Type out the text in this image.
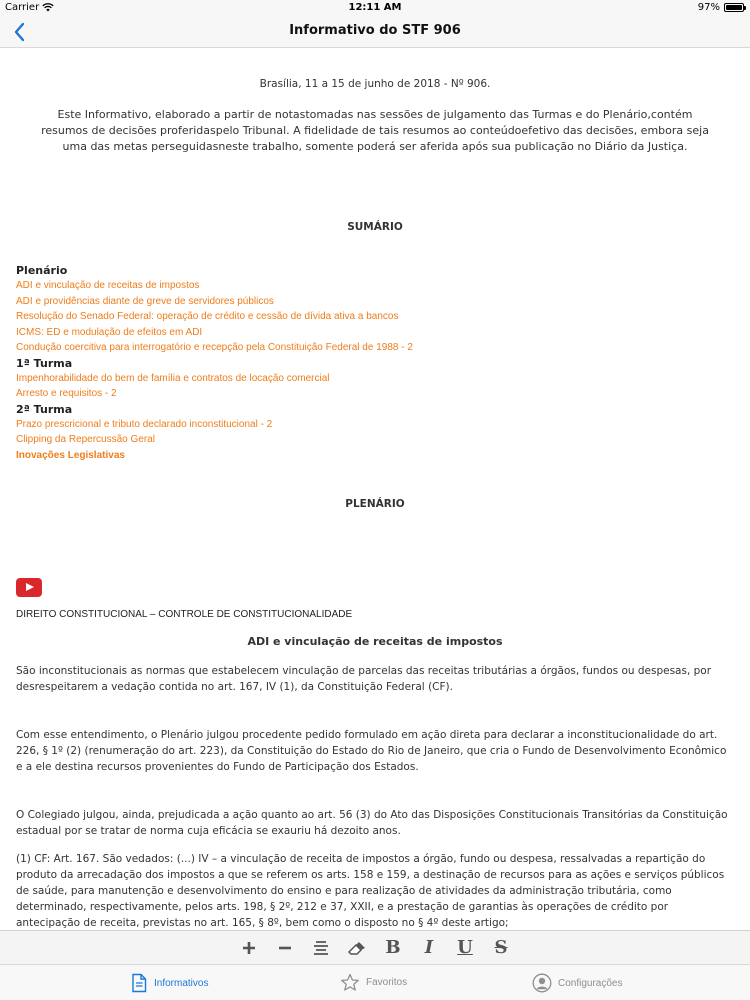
Carrier	12:11 AM	97%
Informativo do STF 906
Brasília, 11 a 15 de junho de 2018 - Nº 906.

Este Informativo, elaborado a partir de notastomadas nas sessões de julgamento das Turmas e do Plenário,contém resumos de decisões proferidaspelo Tribunal. A fidelidade de tais resumos ao conteúdoefetivo das decisões, embora seja uma das metas perseguidasneste trabalho, somente poderá ser aferida após sua publicação no Diário da Justiça.

SUMÁRIO
Plenário
ADI e vinculação de receitas de impostos
ADI e providências diante de greve de servidores públicos
Resolução do Senado Federal: operação de crédito e cessão de dívida ativa a bancos
ICMS: ED e modulação de efeitos em ADI
Condução coercitiva para interrogatório e recepção pela Constituição Federal de 1988 - 2
1ª Turma
Impenhorabilidade do bem de família e contratos de locação comercial
Arresto e requisitos - 2
2ª Turma
Prazo prescricional e tributo declarado inconstitucional - 2
Clipping da Repercussão Geral
Inovações Legislativas
PLENÁRIO
DIREITO CONSTITUCIONAL – CONTROLE DE CONSTITUCIONALIDADE
ADI e vinculação de receitas de impostos

São inconstitucionais as normas que estabelecem vinculação de parcelas das receitas tributárias a órgãos, fundos ou despesas, por desrespeitarem a vedação contida no art. 167, IV (1), da Constituição Federal (CF).

Com esse entendimento, o Plenário julgou procedente pedido formulado em ação direta para declarar a inconstitucionalidade do art. 226, § 1º (2) (renumeração do art. 223), da Constituição do Estado do Rio de Janeiro, que cria o Fundo de Desenvolvimento Econômico e a ele destina recursos provenientes do Fundo de Participação dos Estados.

O Colegiado julgou, ainda, prejudicada a ação quanto ao art. 56 (3) do Ato das Disposições Constitucionais Transitórias da Constituição estadual por se tratar de norma cuja eficácia se exauriu há dezoito anos.

(1) CF: Art. 167. São vedados: (...) IV – a vinculação de receita de impostos a órgão, fundo ou despesa, ressalvadas a repartição do produto da arrecadação dos impostos a que se referem os arts. 158 e 159, a destinação de recursos para as ações e serviços públicos de saúde, para manutenção e desenvolvimento do ensino e para realização de atividades da administração tributária, como determinado, respectivamente, pelos arts. 198, § 2º, 212 e 37, XXII, e a prestação de garantias às operações de crédito por antecipação de receita, previstas no art. 165, § 8º, bem como o disposto no § 4º deste artigo;

B	I	U S
Informativos	Favoritos	Configurações
